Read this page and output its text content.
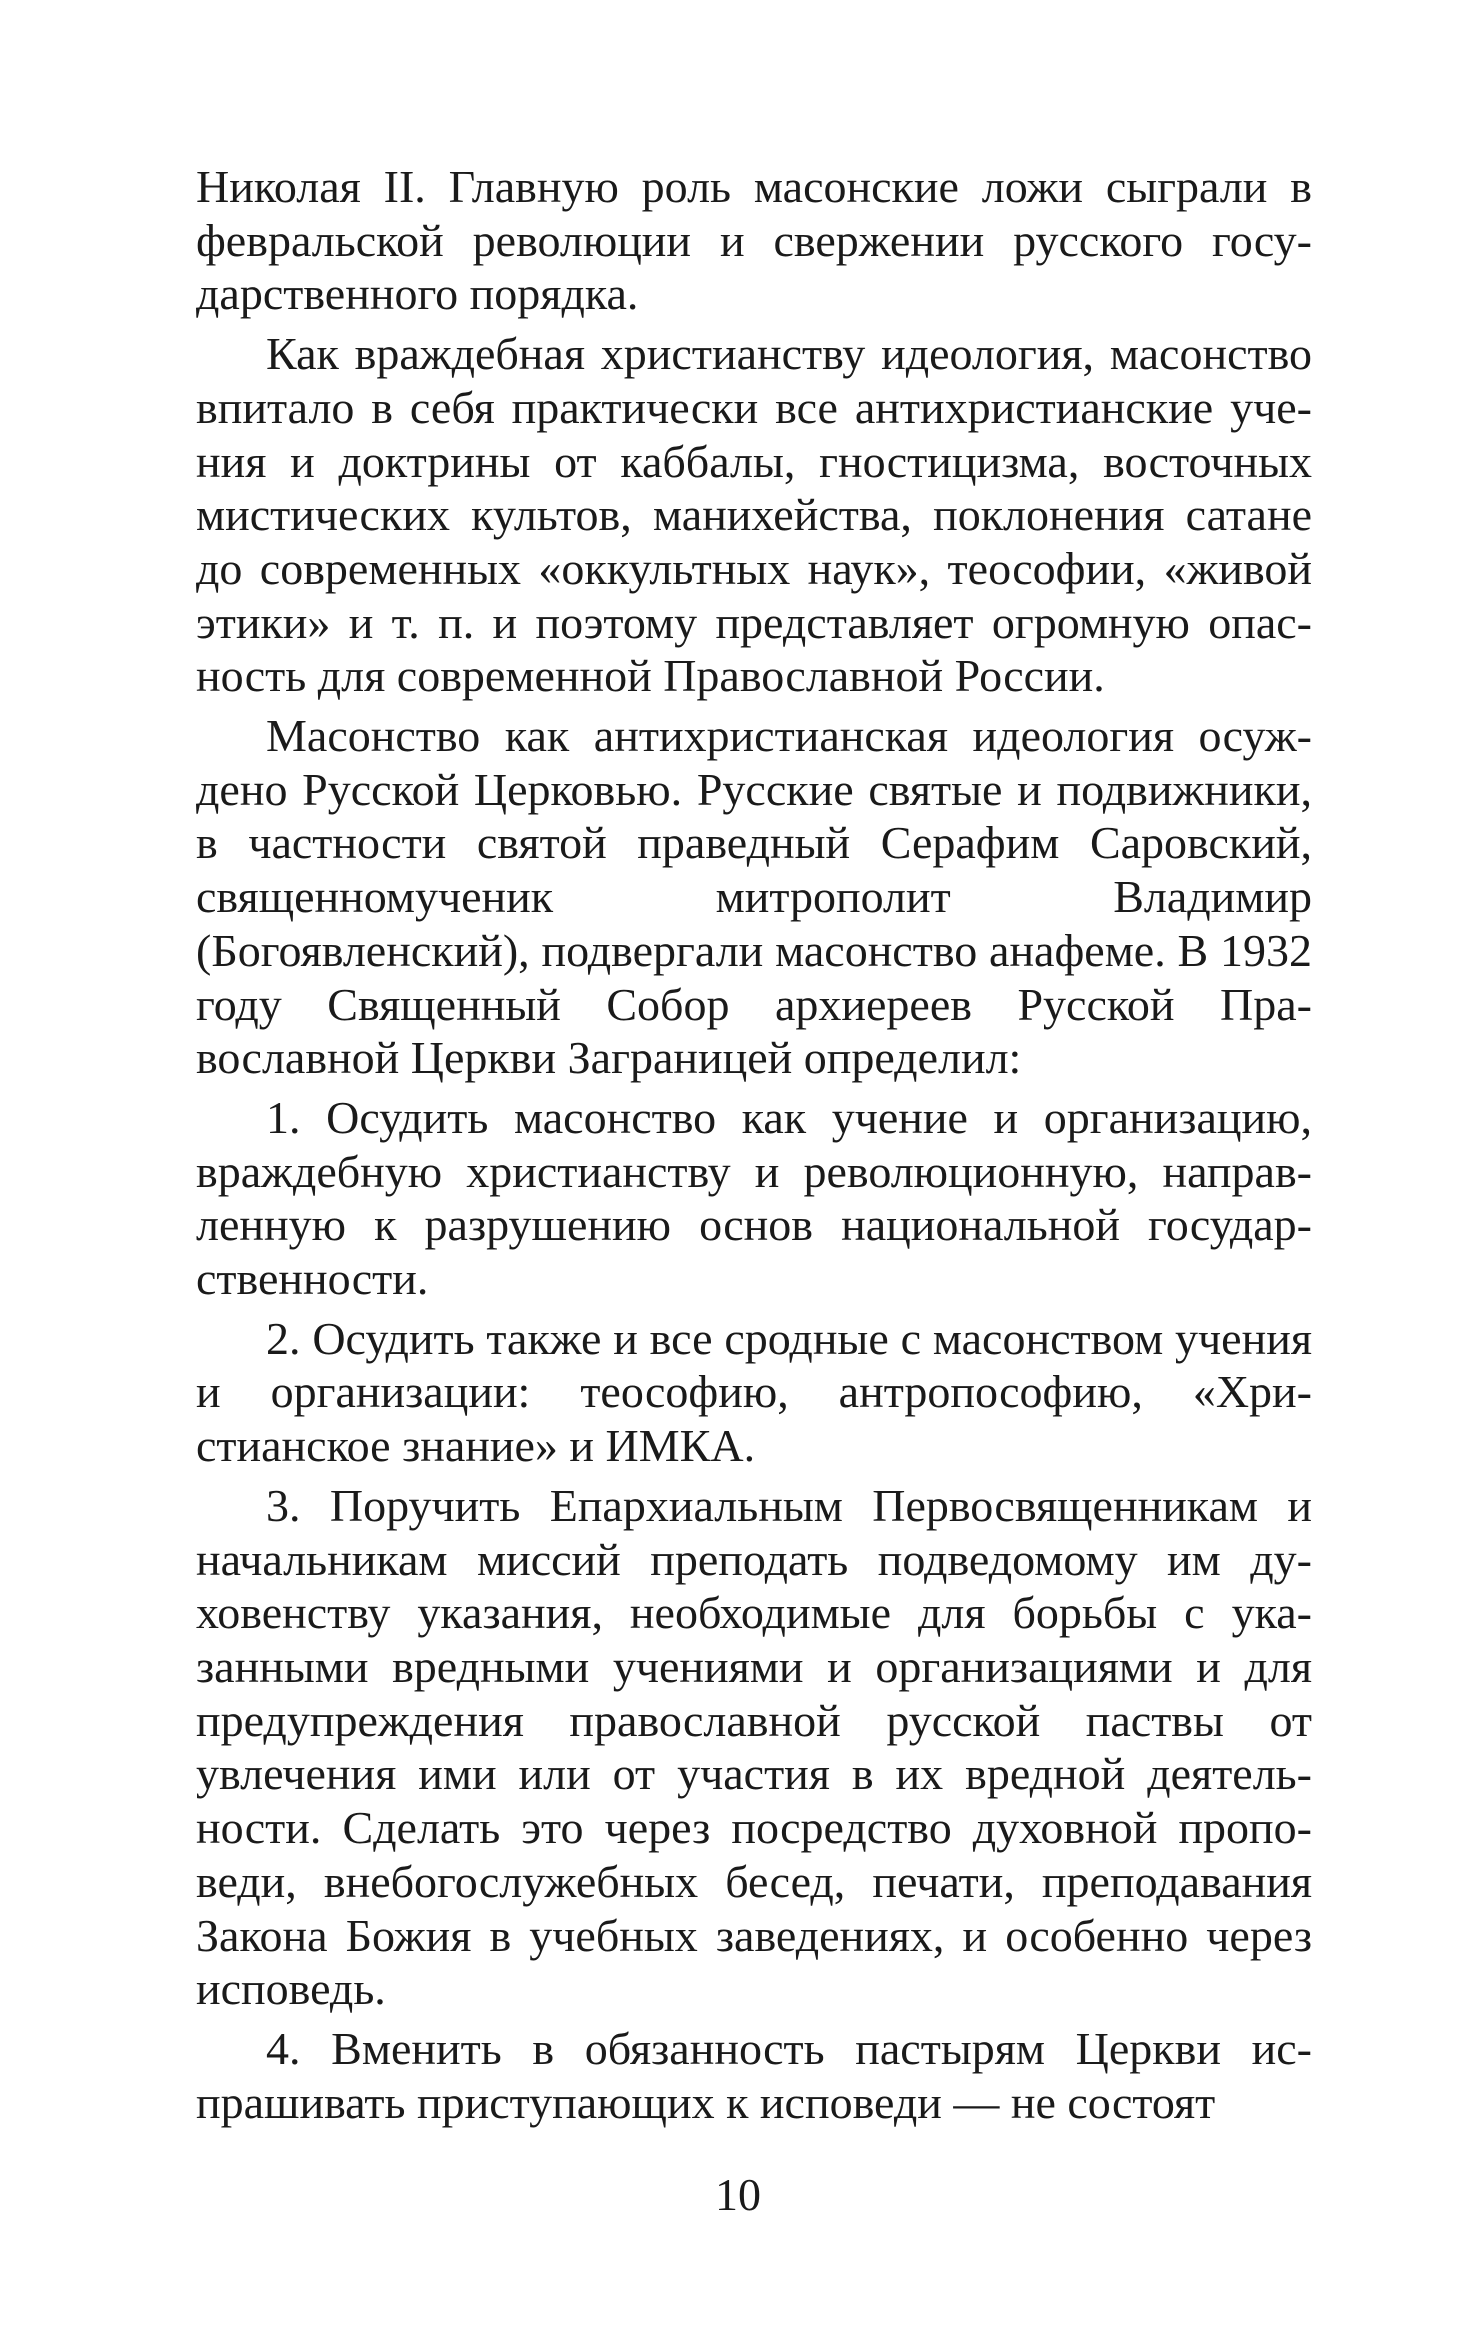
Николая II. Главную роль масонские ложи сыграли в февральской революции и свержении русского государственного порядка.

Как враждебная христианству идеология, масонство впитало в себя практически все антихристианские учения и доктрины от каббалы, гностицизма, восточных мистических культов, манихейства, поклонения сатане до современных «оккультных наук», теософии, «живой этики» и т. п. и поэтому представляет огромную опасность для современной Православной России.

Масонство как антихристианская идеология осуждено Русской Церковью. Русские святые и подвижники, в частности святой праведный Серафим Саровский, священномученик митрополит Владимир (Богоявленский), подвергали масонство анафеме. В 1932 году Священный Собор архиереев Русской Православной Церкви Заграницей определил:

1. Осудить масонство как учение и организацию, враждебную христианству и революционную, направленную к разрушению основ национальной государственности.

2. Осудить также и все сродные с масонством учения и организации: теософию, антропософию, «Христианское знание» и ИМКА.

3. Поручить Епархиальным Первосвященникам и начальникам миссий преподать подведомому им духовенству указания, необходимые для борьбы с указанными вредными учениями и организациями и для предупреждения православной русской паствы от увлечения ими или от участия в их вредной деятельности. Сделать это через посредство духовной проповеди, внебогослужебных бесед, печати, преподавания Закона Божия в учебных заведениях, и особенно через исповедь.

4. Вменить в обязанность пастырям Церкви испрашивать приступающих к исповеди — не состоят

10
